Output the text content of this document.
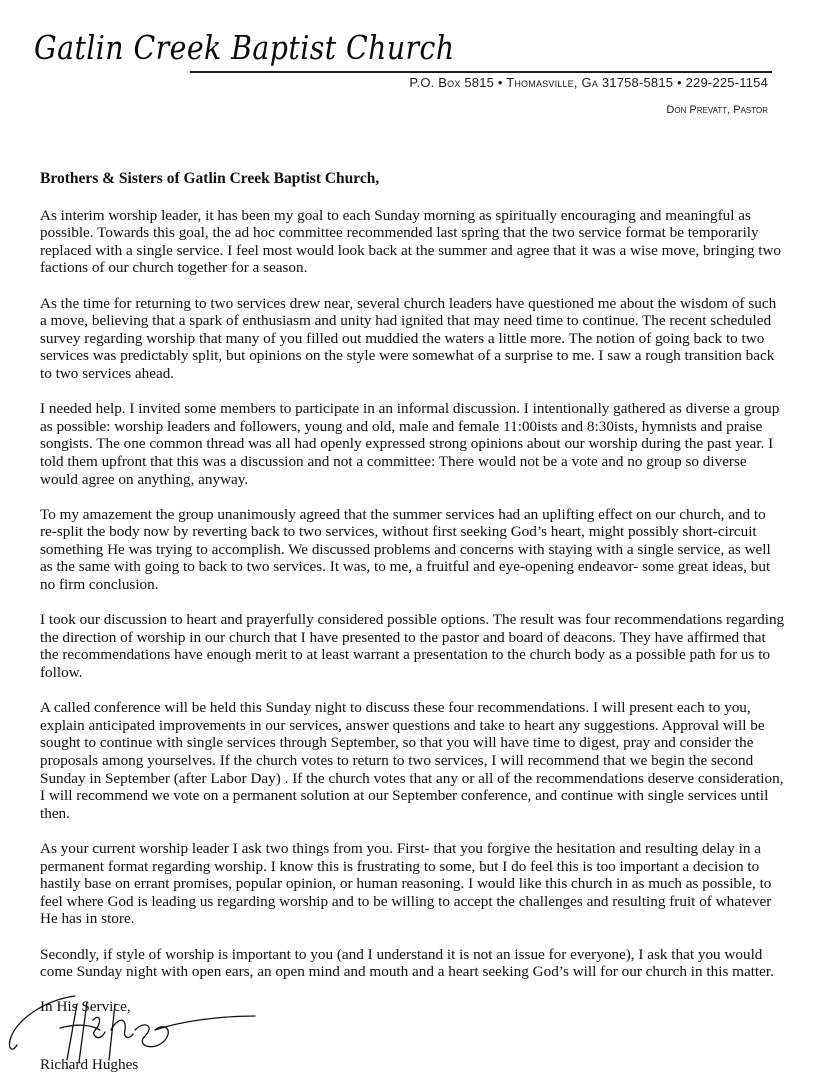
Gatlin Creek Baptist Church
P.O. Box 5815 • Thomasville, Ga 31758-5815 • 229-225-1154
Don Prevatt, Pastor

Brothers & Sisters of Gatlin Creek Baptist Church,

As interim worship leader, it has been my goal to each Sunday morning as spiritually encouraging and meaningful as possible. Towards this goal, the ad hoc committee recommended last spring that the two service format be temporarily replaced with a single service. I feel most would look back at the summer and agree that it was a wise move, bringing two factions of our church together for a season.

As the time for returning to two services drew near, several church leaders have questioned me about the wisdom of such a move, believing that a spark of enthusiasm and unity had ignited that may need time to continue. The recent scheduled survey regarding worship that many of you filled out muddied the waters a little more. The notion of going back to two services was predictably split, but opinions on the style were somewhat of a surprise to me. I saw a rough transition back to two services ahead.

I needed help. I invited some members to participate in an informal discussion. I intentionally gathered as diverse a group as possible: worship leaders and followers, young and old, male and female 11:00ists and 8:30ists, hymnists and praise songists. The one common thread was all had openly expressed strong opinions about our worship during the past year. I told them upfront that this was a discussion and not a committee: There would not be a vote and no group so diverse would agree on anything, anyway.

To my amazement the group unanimously agreed that the summer services had an uplifting effect on our church, and to re-split the body now by reverting back to two services, without first seeking God’s heart, might possibly short-circuit something He was trying to accomplish. We discussed problems and concerns with staying with a single service, as well as the same with going to back to two services. It was, to me, a fruitful and eye-opening endeavor- some great ideas, but no firm conclusion.

I took our discussion to heart and prayerfully considered possible options. The result was four recommendations regarding the direction of worship in our church that I have presented to the pastor and board of deacons. They have affirmed that the recommendations have enough merit to at least warrant a presentation to the church body as a possible path for us to follow.

A called conference will be held this Sunday night to discuss these four recommendations. I will present each to you, explain anticipated improvements in our services, answer questions and take to heart any suggestions. Approval will be sought to continue with single services through September, so that you will have time to digest, pray and consider the proposals among yourselves. If the church votes to return to two services, I will recommend that we begin the second Sunday in September (after Labor Day) . If the church votes that any or all of the recommendations deserve consideration, I will recommend we vote on a permanent solution at our September conference, and continue with single services until then.

As your current worship leader I ask two things from you. First- that you forgive the hesitation and resulting delay in a permanent format regarding worship. I know this is frustrating to some, but I do feel this is too important a decision to hastily base on errant promises, popular opinion, or human reasoning. I would like this church in as much as possible, to feel where God is leading us regarding worship and to be willing to accept the challenges and resulting fruit of whatever He has in store.

Secondly, if style of worship is important to you (and I understand it is not an issue for everyone), I ask that you would come Sunday night with open ears, an open mind and mouth and a heart seeking God’s will for our church in this matter.

In His Service,
Richard Hughes
